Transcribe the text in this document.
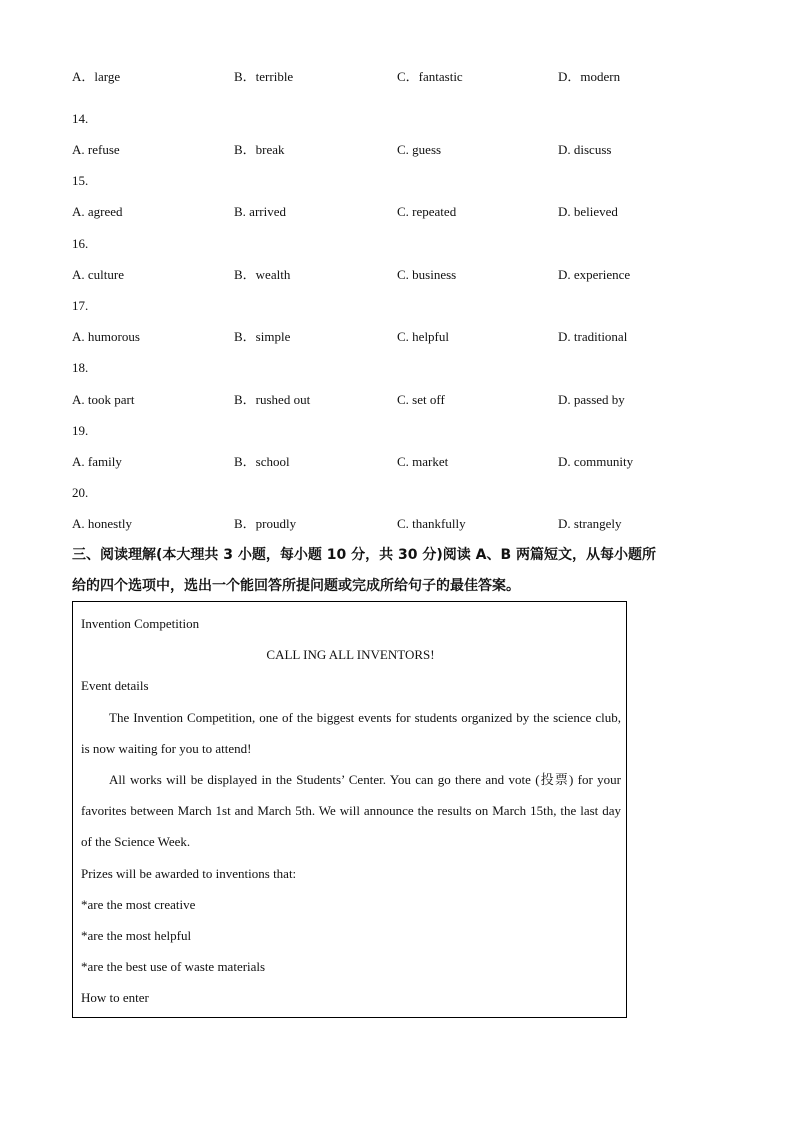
A．large	B．terrible	C．fantastic	D．modern
14.
A. refuse	B．break	C. guess	D. discuss
15.
A. agreed	B. arrived	C. repeated	D. believed
16.
A. culture	B．wealth	C. business	D. experience
17.
A. humorous	B．simple	C. helpful	D. traditional
18.
A. took part	B．rushed out	C. set off	D. passed by
19.
A. family	B．school	C. market	D. community
20.
A. honestly	B．proudly	C. thankfully	D. strangely

三、阅读理解(本大理共 3 小题，每小题 10 分，共 30 分)阅读 A、B 两篇短文，从每小题所

给的四个选项中，选出一个能回答所提问题或完成所给句子的最佳答案。

Invention Competition
CALL ING ALL INVENTORS!
Event details

The Invention Competition, one of the biggest events for students organized by the science club, is now waiting for you to attend!

All works will be displayed in the Students’ Center. You can go there and vote (投票) for your favorites between March 1st and March 5th. We will announce the results on March 15th, the last day of the Science Week.

Prizes will be awarded to inventions that:
*are the most creative
*are the most helpful
*are the best use of waste materials
How to enter
